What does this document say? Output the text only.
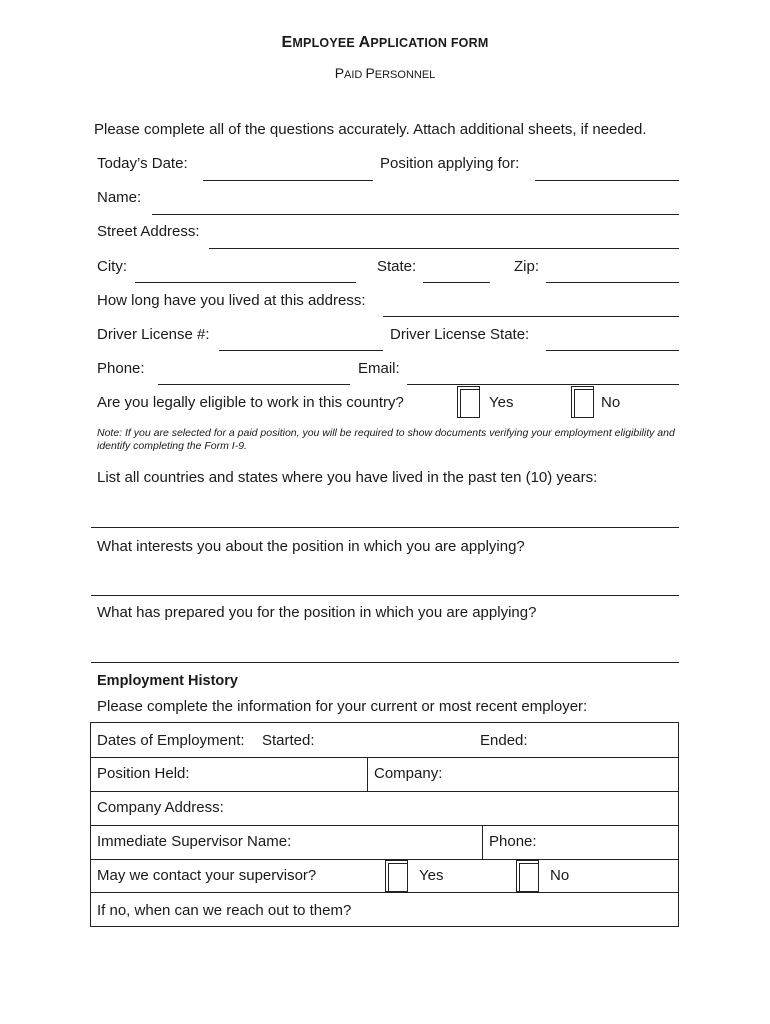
EMPLOYEE APPLICATION FORM
PAID PERSONNEL
Please complete all of the questions accurately. Attach additional sheets, if needed.
Today’s Date:	Position applying for:
Name:
Street Address:
City:	State:	Zip:
How long have you lived at this address:
Driver License #:	Driver License State:
Phone:	Email:
Are you legally eligible to work in this country?	Yes	No
Note: If you are selected for a paid position, you will be required to show documents verifying your employment eligibility and identify completing the Form I-9.
List all countries and states where you have lived in the past ten (10) years:
What interests you about the position in which you are applying?
What has prepared you for the position in which you are applying?
Employment History
Please complete the information for your current or most recent employer:
Dates of Employment: Started:	Ended:
Position Held:	Company:
Company Address:
Immediate Supervisor Name:	Phone:
May we contact your supervisor?	Yes	No
If no, when can we reach out to them?
